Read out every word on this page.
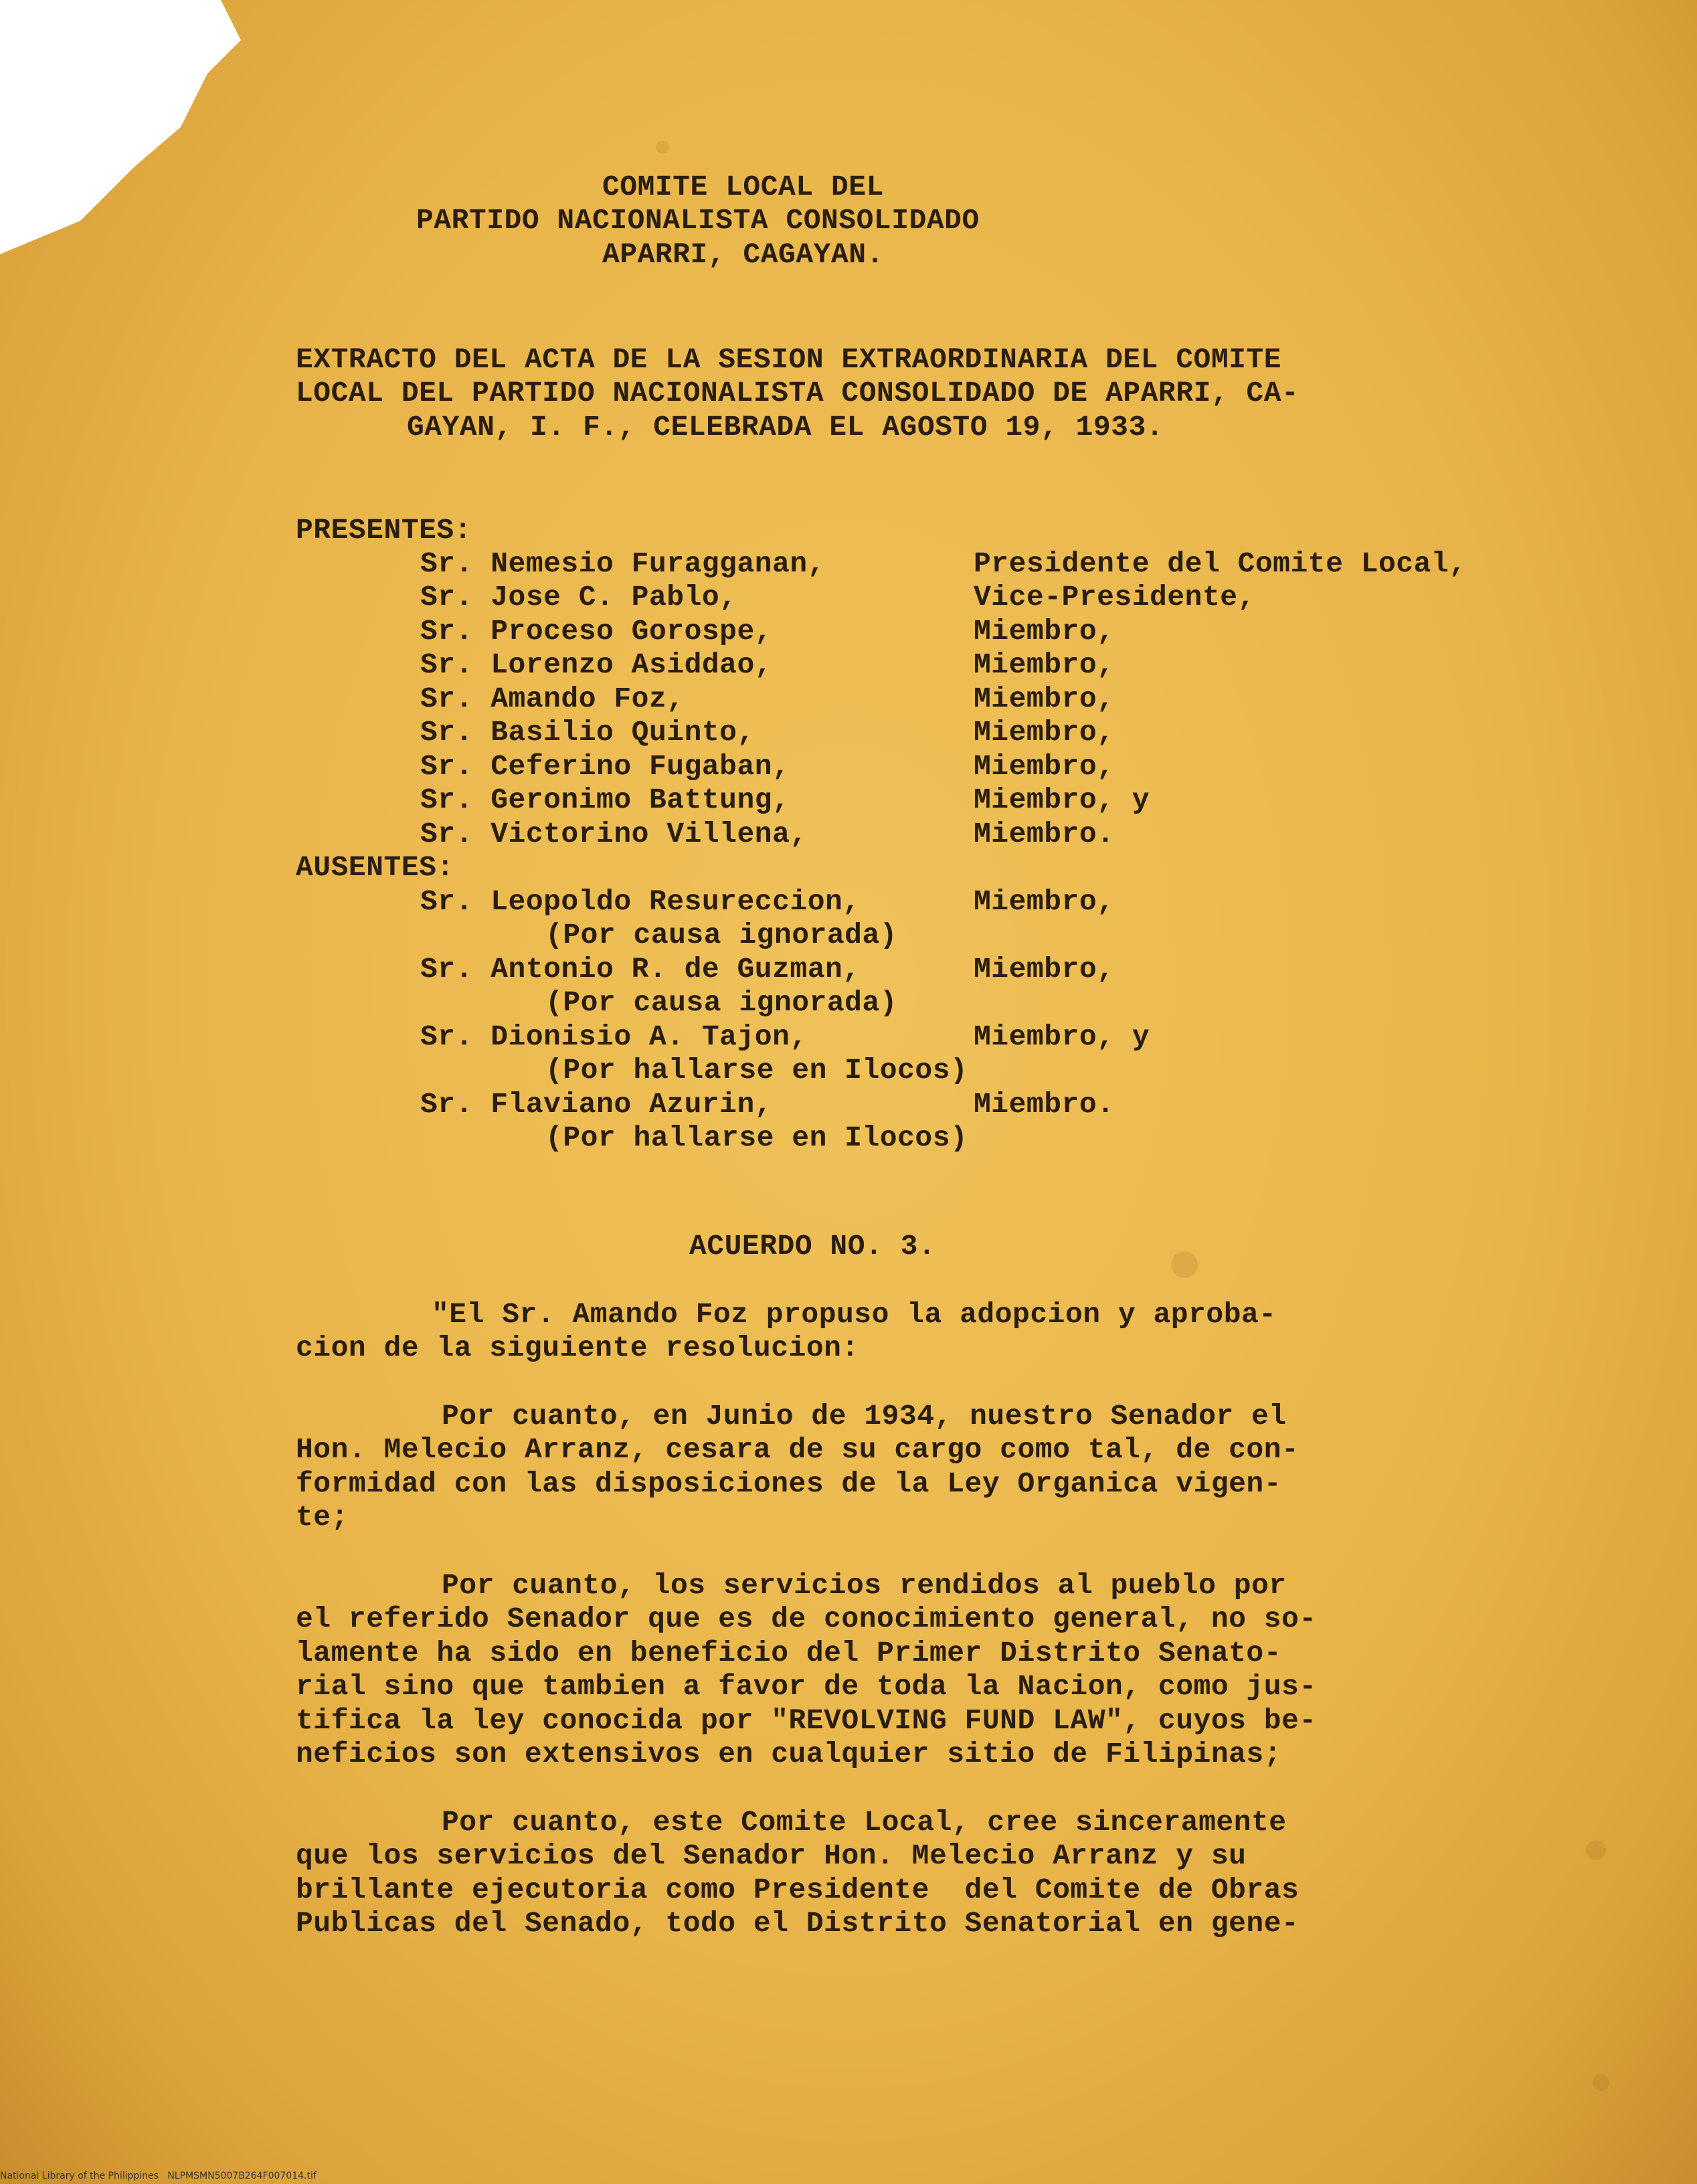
COMITE LOCAL DEL
PARTIDO NACIONALISTA CONSOLIDADO
APARRI, CAGAYAN.
EXTRACTO DEL ACTA DE LA SESION EXTRAORDINARIA DEL COMITE
LOCAL DEL PARTIDO NACIONALISTA CONSOLIDADO DE APARRI, CA-
GAYAN, I. F., CELEBRADA EL AGOSTO 19, 1933.
PRESENTES:
Sr. Nemesio Furagganan,	Presidente del Comite Local,
Sr. Jose C. Pablo,	Vice-Presidente,
Sr. Proceso Gorospe,	Miembro,
Sr. Lorenzo Asiddao,	Miembro,
Sr. Amando Foz,	Miembro,
Sr. Basilio Quinto,	Miembro,
Sr. Ceferino Fugaban,	Miembro,
Sr. Geronimo Battung,	Miembro, y
Sr. Victorino Villena,	Miembro.
AUSENTES:
Sr. Leopoldo Resureccion,	Miembro,
(Por causa ignorada)
Sr. Antonio R. de Guzman,	Miembro,
(Por causa ignorada)
Sr. Dionisio A. Tajon,	Miembro, y
(Por hallarse en Ilocos)
Sr. Flaviano Azurin,	Miembro.
(Por hallarse en Ilocos)
ACUERDO NO. 3.
"El Sr. Amando Foz propuso la adopcion y aproba-
cion de la siguiente resolucion:
Por cuanto, en Junio de 1934, nuestro Senador el
Hon. Melecio Arranz, cesara de su cargo como tal, de con-
formidad con las disposiciones de la Ley Organica vigen-
te;
Por cuanto, los servicios rendidos al pueblo por
el referido Senador que es de conocimiento general, no so-
lamente ha sido en beneficio del Primer Distrito Senato-
rial sino que tambien a favor de toda la Nacion, como jus-
tifica la ley conocida por "REVOLVING FUND LAW", cuyos be-
neficios son extensivos en cualquier sitio de Filipinas;
Por cuanto, este Comite Local, cree sinceramente
que los servicios del Senador Hon. Melecio Arranz y su
brillante ejecutoria como Presidente  del Comite de Obras
Publicas del Senado, todo el Distrito Senatorial en gene-
National Library of the Philippines   NLPMSMN5007B264F007014.tif
